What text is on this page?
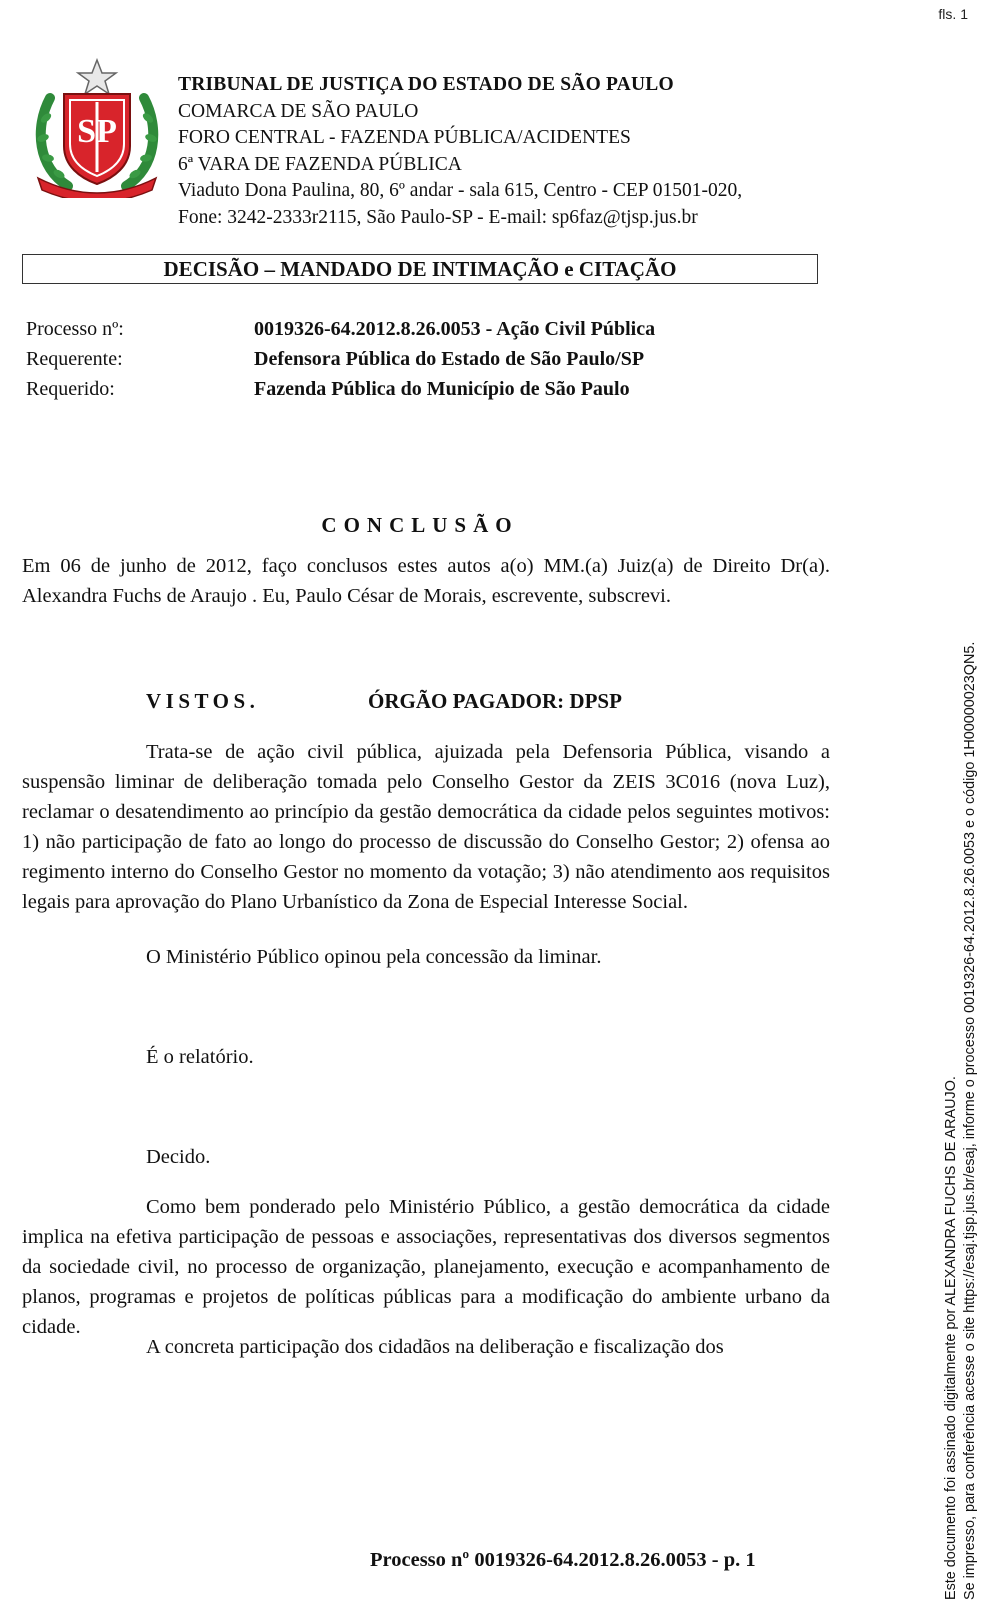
fls. 1
SP
TRIBUNAL DE JUSTIÇA DO ESTADO DE SÃO PAULO
COMARCA DE SÃO PAULO
FORO CENTRAL - FAZENDA PÚBLICA/ACIDENTES
6ª VARA DE FAZENDA PÚBLICA
Viaduto Dona Paulina, 80, 6º andar - sala 615, Centro - CEP 01501-020,
Fone: 3242-2333r2115, São Paulo-SP - E-mail: sp6faz@tjsp.jus.br
DECISÃO – MANDADO DE INTIMAÇÃO e CITAÇÃO
Processo nº:	0019326-64.2012.8.26.0053 - Ação Civil Pública
Requerente:	Defensora Pública do Estado de São Paulo/SP
Requerido:	Fazenda Pública do Município de São Paulo
CONCLUSÃO
Em 06 de junho de 2012, faço conclusos estes autos a(o) MM.(a) Juiz(a) de Direito Dr(a). Alexandra Fuchs de Araujo . Eu, Paulo César de Morais, escrevente, subscrevi.
VISTOS.	ÓRGÃO PAGADOR: DPSP
Trata-se de ação civil pública, ajuizada pela Defensoria Pública, visando a suspensão liminar de deliberação tomada pelo Conselho Gestor da ZEIS 3C016 (nova Luz), reclamar o desatendimento ao princípio da gestão democrática da cidade pelos seguintes motivos: 1) não participação de fato ao longo do processo de discussão do Conselho Gestor; 2) ofensa ao regimento interno do Conselho Gestor no momento da votação; 3) não atendimento aos requisitos legais para aprovação do Plano Urbanístico da Zona de Especial Interesse Social.
O Ministério Público opinou pela concessão da liminar.
É o relatório.
Decido.
Como bem ponderado pelo Ministério Público, a gestão democrática da cidade implica na efetiva participação de pessoas e associações, representativas dos diversos segmentos da sociedade civil, no processo de organização, planejamento, execução e acompanhamento de planos, programas e projetos de políticas públicas para a modificação do ambiente urbano da cidade.
A concreta participação dos cidadãos na deliberação e fiscalização dos
Processo nº 0019326-64.2012.8.26.0053 - p. 1	Este documento foi assinado digitalmente por ALEXANDRA FUCHS DE ARAUJO. Se impresso, para conferência acesse o site https://esaj.tjsp.jus.br/esaj, informe o processo 0019326-64.2012.8.26.0053 e o código 1H00000023QN5.
